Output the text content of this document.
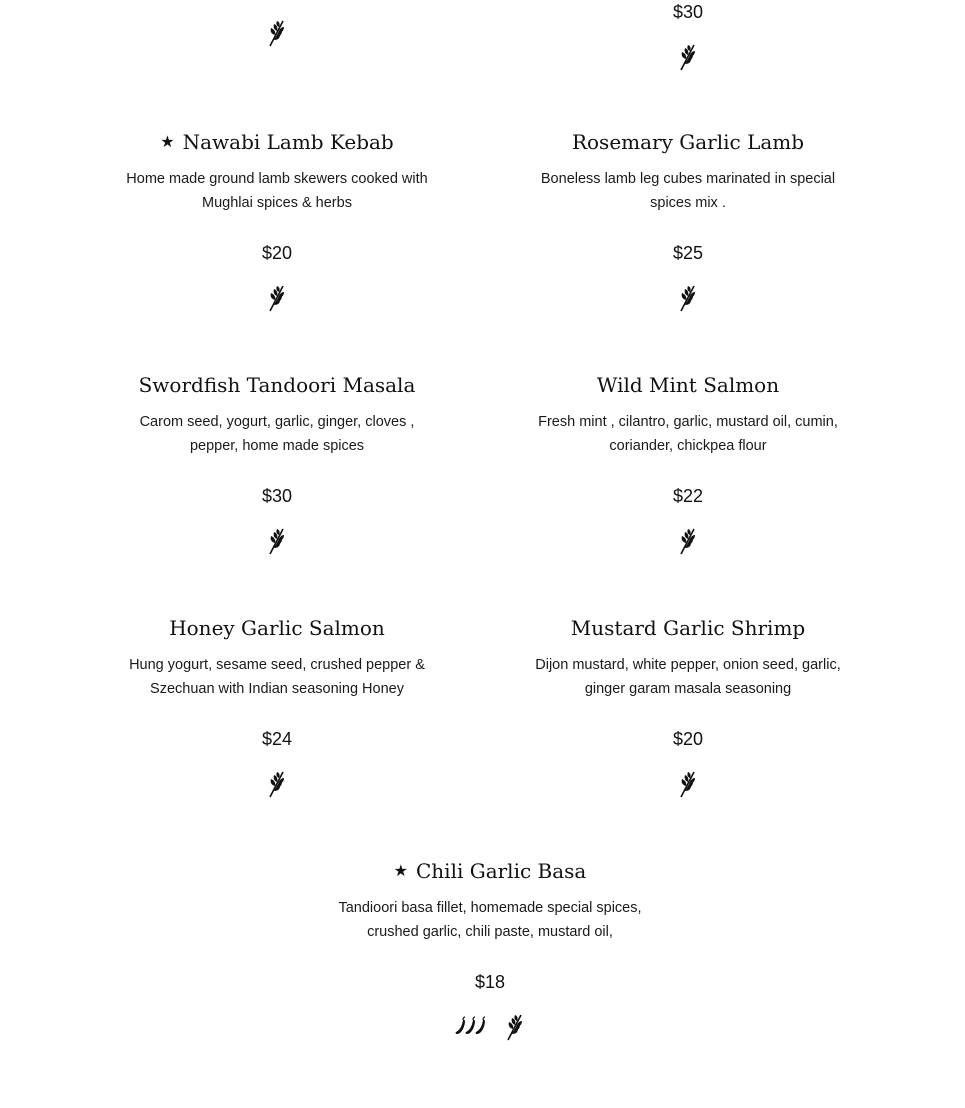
$30
★ Nawabi Lamb Kebab
Home made ground lamb skewers cooked with Mughlai spices & herbs
$20
Rosemary Garlic Lamb
Boneless lamb leg cubes marinated in special spices mix .
$25
Swordfish Tandoori Masala
Carom seed, yogurt, garlic, ginger, cloves , pepper, home made spices
$30
Wild Mint Salmon
Fresh mint , cilantro, garlic, mustard oil, cumin, coriander, chickpea flour
$22
Honey Garlic Salmon
Hung yogurt, sesame seed, crushed pepper & Szechuan with Indian seasoning Honey
$24
Mustard Garlic Shrimp
Dijon mustard, white pepper, onion seed, garlic, ginger garam masala seasoning
$20
★ Chili Garlic Basa
Tandioori basa fillet, homemade special spices, crushed garlic, chili paste, mustard oil,
$18
